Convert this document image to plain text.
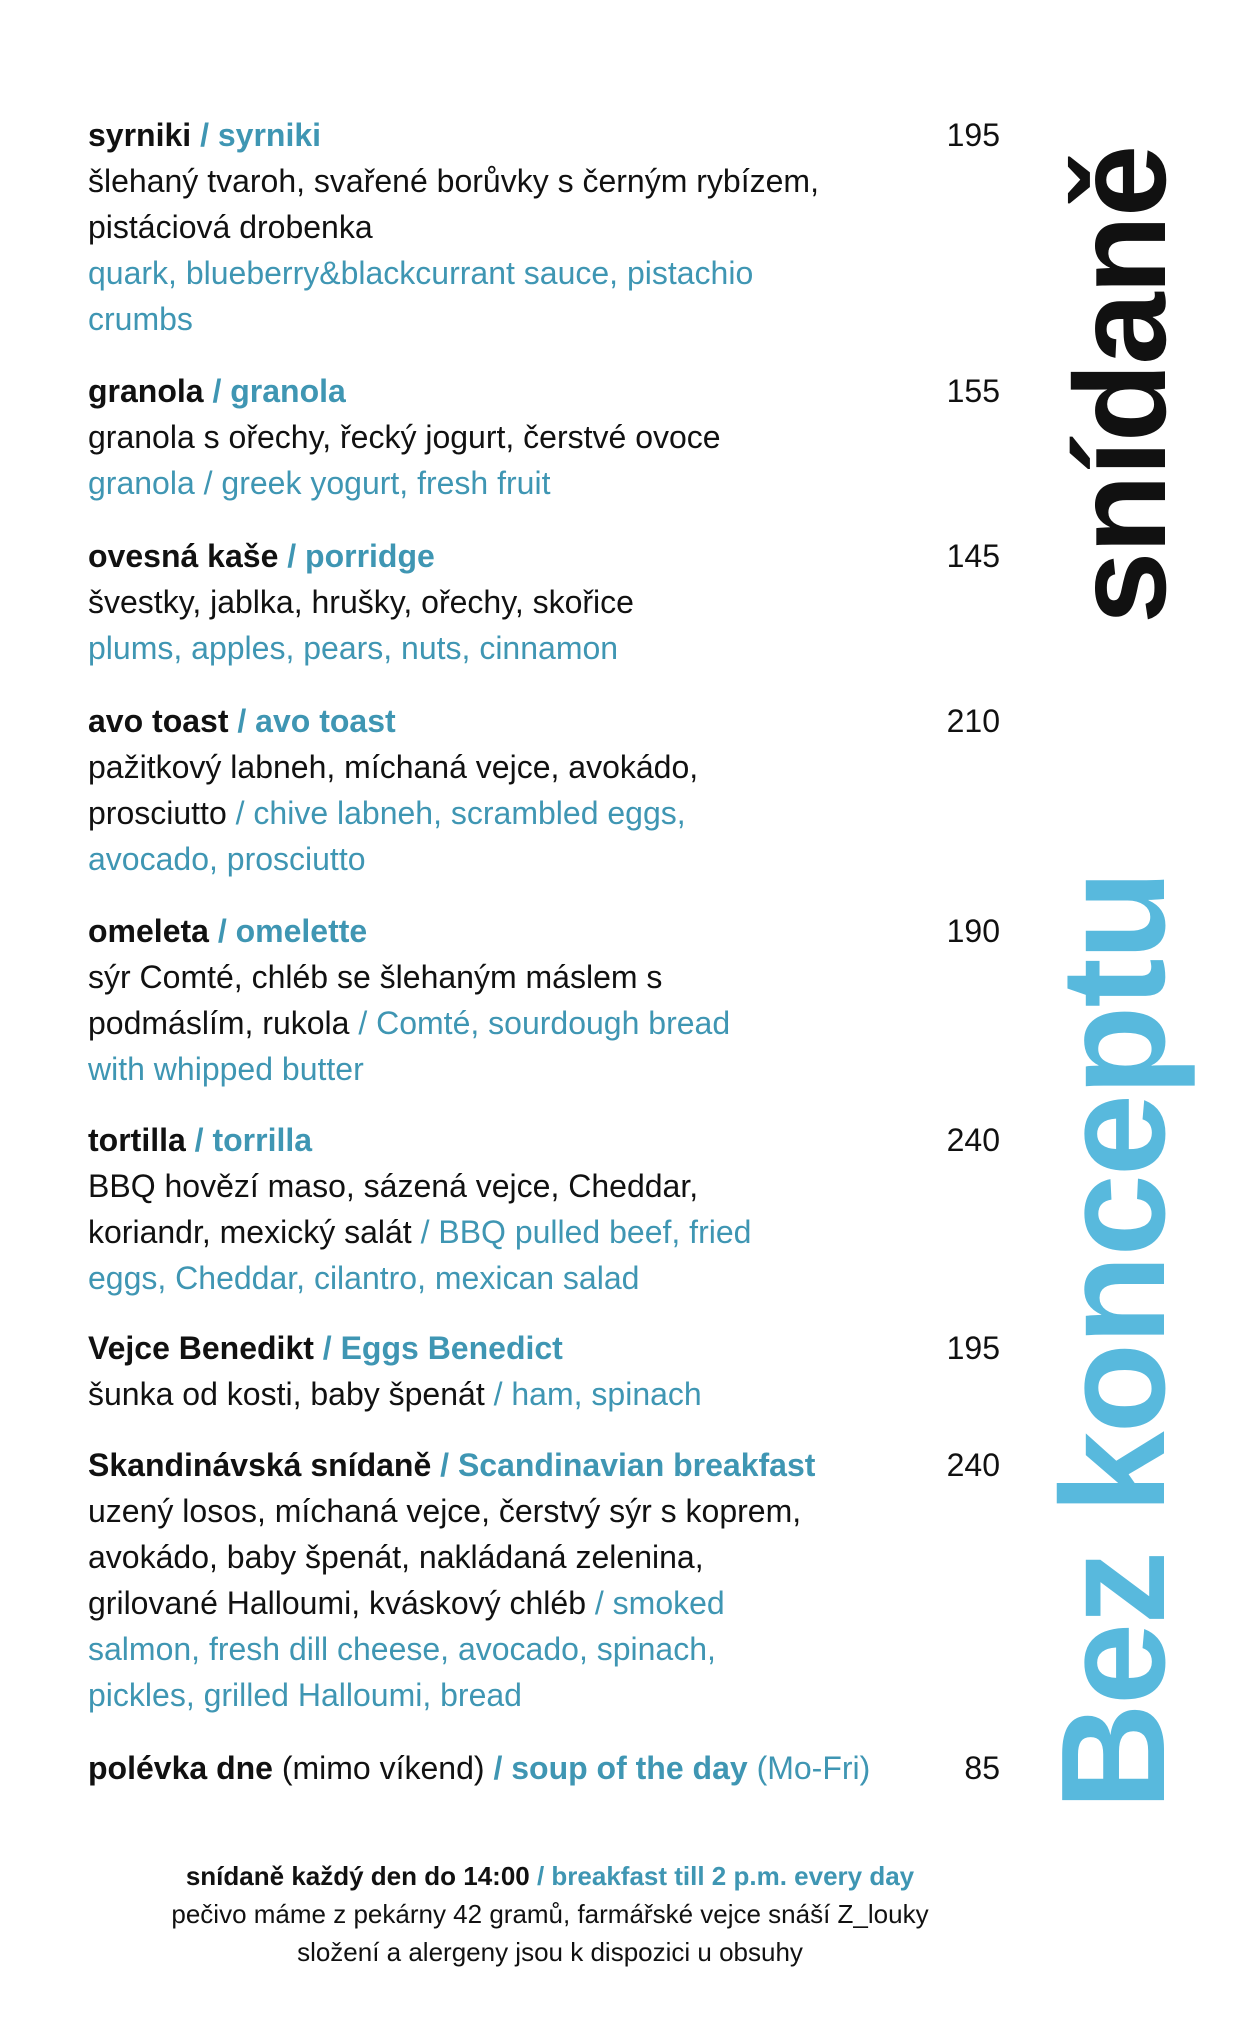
syrniki / syrniki	195
šlehaný tvaroh, svařené borůvky s černým rybízem,
pistáciová drobenka
quark, blueberry&blackcurrant sauce, pistachio
crumbs
granola / granola	155
granola s ořechy, řecký jogurt, čerstvé ovoce
granola / greek yogurt, fresh fruit
ovesná kaše / porridge	145
švestky, jablka, hrušky, ořechy, skořice
plums, apples, pears, nuts, cinnamon
avo toast / avo toast	210
pažitkový labneh, míchaná vejce, avokádo,
prosciutto / chive labneh, scrambled eggs,
avocado, prosciutto
omeleta / omelette	190
sýr Comté, chléb se šlehaným máslem s
podmáslím, rukola / Comté, sourdough bread
with whipped butter
tortilla / torrilla	240
BBQ hovězí maso, sázená vejce, Cheddar,
koriandr, mexický salát / BBQ pulled beef, fried
eggs, Cheddar, cilantro, mexican salad
Vejce Benedikt / Eggs Benedict	195
šunka od kosti, baby špenát / ham, spinach
Skandinávská snídaně / Scandinavian breakfast	240
uzený losos, míchaná vejce, čerstvý sýr s koprem,
avokádo, baby špenát, nakládaná zelenina,
grilované Halloumi, kváskový chléb / smoked
salmon, fresh dill cheese, avocado, spinach,
pickles, grilled Halloumi, bread
polévka dne (mimo víkend) / soup of the day (Mo-Fri)	85
snídaně každý den do 14:00 / breakfast till 2 p.m. every day
pečivo máme z pekárny 42 gramů, farmářské vejce snáší Z_louky
složení a alergeny jsou k dispozici u obsuhy
snídaně
Bez konceptu
